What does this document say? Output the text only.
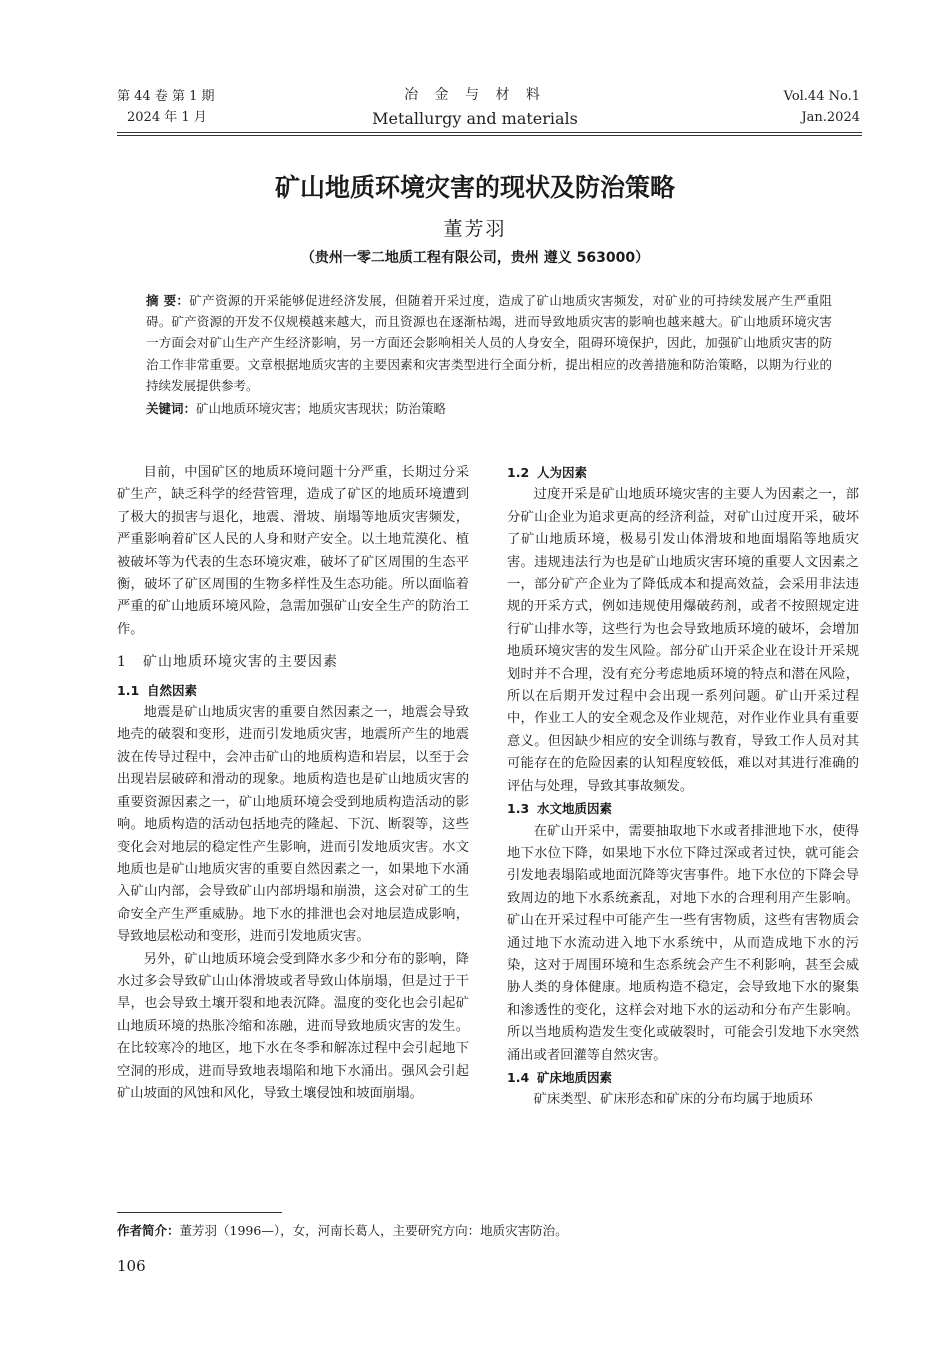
第 44 卷 第 1 期
2024 年 1 月
冶 金 与 材 料
Metallurgy and materials
Vol.44 No.1
Jan.2024
矿山地质环境灾害的现状及防治策略
董芳羽
（贵州一零二地质工程有限公司，贵州 遵义 563000）
摘 要：矿产资源的开采能够促进经济发展，但随着开采过度，造成了矿山地质灾害频发，对矿业的可持续发展产生严重阻碍。矿产资源的开发不仅规模越来越大，而且资源也在逐渐枯竭，进而导致地质灾害的影响也越来越大。矿山地质环境灾害一方面会对矿山生产产生经济影响，另一方面还会影响相关人员的人身安全，阻碍环境保护，因此，加强矿山地质灾害的防治工作非常重要。文章根据地质灾害的主要因素和灾害类型进行全面分析，提出相应的改善措施和防治策略，以期为行业的持续发展提供参考。
关键词：矿山地质环境灾害；地质灾害现状；防治策略

目前，中国矿区的地质环境问题十分严重，长期过分采矿生产，缺乏科学的经营管理，造成了矿区的地质环境遭到了极大的损害与退化，地震、滑坡、崩塌等地质灾害频发，严重影响着矿区人民的人身和财产安全。以土地荒漠化、植被破坏等为代表的生态环境灾难，破坏了矿区周围的生态平衡，破坏了矿区周围的生物多样性及生态功能。所以面临着严重的矿山地质环境风险，急需加强矿山安全生产的防治工作。

1 矿山地质环境灾害的主要因素
1.1 自然因素

地震是矿山地质灾害的重要自然因素之一，地震会导致地壳的破裂和变形，进而引发地质灾害，地震所产生的地震波在传导过程中，会冲击矿山的地质构造和岩层，以至于会出现岩层破碎和滑动的现象。地质构造也是矿山地质灾害的重要资源因素之一，矿山地质环境会受到地质构造活动的影响。地质构造的活动包括地壳的隆起、下沉、断裂等，这些变化会对地层的稳定性产生影响，进而引发地质灾害。水文地质也是矿山地质灾害的重要自然因素之一，如果地下水涌入矿山内部，会导致矿山内部坍塌和崩溃，这会对矿工的生命安全产生严重威胁。地下水的排泄也会对地层造成影响，导致地层松动和变形，进而引发地质灾害。

另外，矿山地质环境会受到降水多少和分布的影响，降水过多会导致矿山山体滑坡或者导致山体崩塌，但是过于干旱，也会导致土壤开裂和地表沉降。温度的变化也会引起矿山地质环境的热胀冷缩和冻融，进而导致地质灾害的发生。在比较寒冷的地区，地下水在冬季和解冻过程中会引起地下空洞的形成，进而导致地表塌陷和地下水涌出。强风会引起矿山坡面的风蚀和风化，导致土壤侵蚀和坡面崩塌。

1.2 人为因素

过度开采是矿山地质环境灾害的主要人为因素之一，部分矿山企业为追求更高的经济利益，对矿山过度开采，破坏了矿山地质环境，极易引发山体滑坡和地面塌陷等地质灾害。违规违法行为也是矿山地质灾害环境的重要人文因素之一，部分矿产企业为了降低成本和提高效益，会采用非法违规的开采方式，例如违规使用爆破药剂，或者不按照规定进行矿山排水等，这些行为也会导致地质环境的破坏，会增加地质环境灾害的发生风险。部分矿山开采企业在设计开采规划时并不合理，没有充分考虑地质环境的特点和潜在风险，所以在后期开发过程中会出现一系列问题。矿山开采过程中，作业工人的安全观念及作业规范，对作业作业具有重要意义。但因缺少相应的安全训练与教育，导致工作人员对其可能存在的危险因素的认知程度较低，难以对其进行准确的评估与处理，导致其事故频发。

1.3 水文地质因素

在矿山开采中，需要抽取地下水或者排泄地下水，使得地下水位下降，如果地下水位下降过深或者过快，就可能会引发地表塌陷或地面沉降等灾害事件。地下水位的下降会导致周边的地下水系统紊乱，对地下水的合理利用产生影响。矿山在开采过程中可能产生一些有害物质，这些有害物质会通过地下水流动进入地下水系统中，从而造成地下水的污染，这对于周围环境和生态系统会产生不利影响，甚至会威胁人类的身体健康。地质构造不稳定，会导致地下水的聚集和渗透性的变化，这样会对地下水的运动和分布产生影响。所以当地质构造发生变化或破裂时，可能会引发地下水突然涌出或者回灌等自然灾害。

1.4 矿床地质因素

矿床类型、矿床形态和矿床的分布均属于地质环

作者简介：董芳羽（1996—），女，河南长葛人，主要研究方向：地质灾害防治。
106
